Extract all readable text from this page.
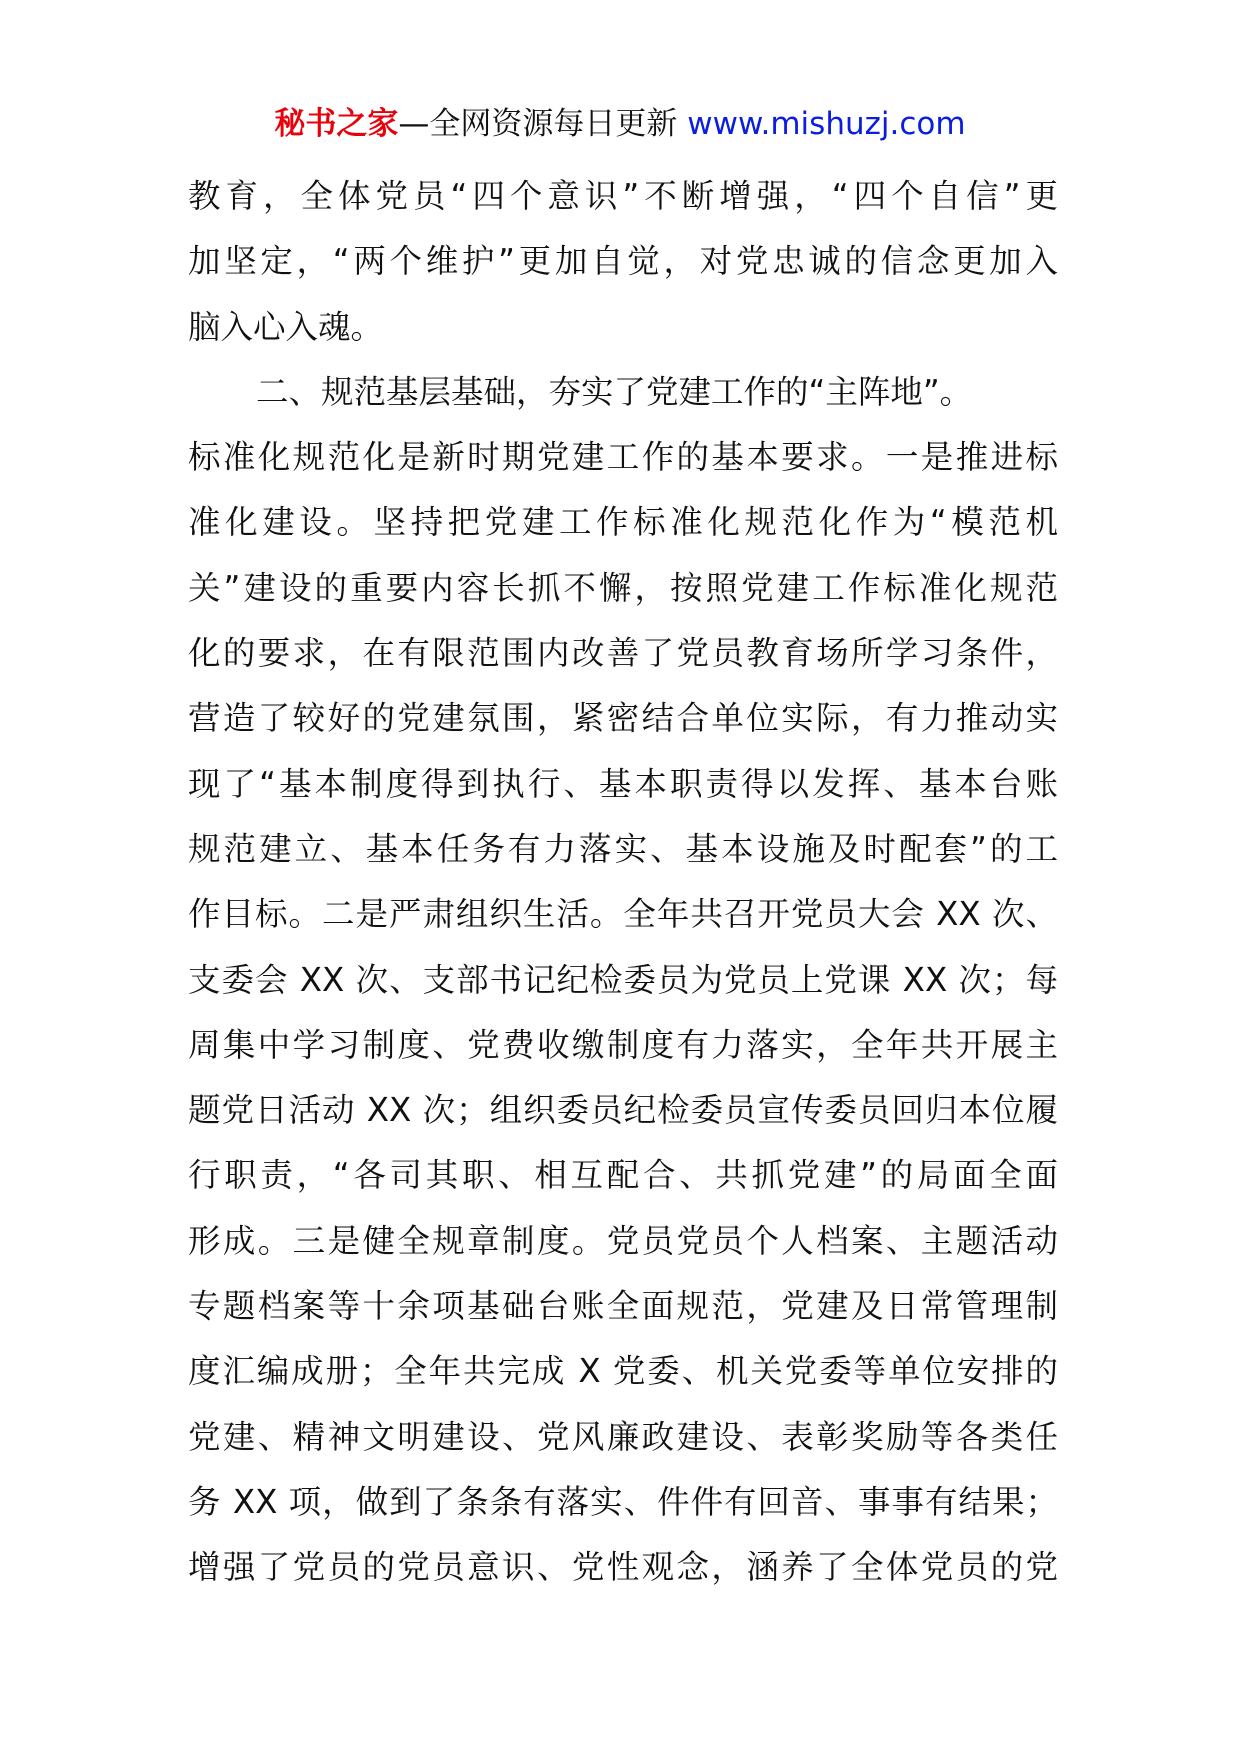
秘书之家—全网资源每日更新 www.mishuzj.com
教育，全体党员“四个意识”不断增强，“四个自信”更
加坚定，“两个维护”更加自觉，对党忠诚的信念更加入
脑入心入魂。
二、规范基层基础，夯实了党建工作的“主阵地”。
标准化规范化是新时期党建工作的基本要求。一是推进标
准化建设。坚持把党建工作标准化规范化作为“模范机
关”建设的重要内容长抓不懈，按照党建工作标准化规范
化的要求，在有限范围内改善了党员教育场所学习条件，
营造了较好的党建氛围，紧密结合单位实际，有力推动实
现了“基本制度得到执行、基本职责得以发挥、基本台账
规范建立、基本任务有力落实、基本设施及时配套”的工
作目标。二是严肃组织生活。全年共召开党员大会 XX 次、
支委会 XX 次、支部书记纪检委员为党员上党课 XX 次；每
周集中学习制度、党费收缴制度有力落实，全年共开展主
题党日活动 XX 次；组织委员纪检委员宣传委员回归本位履
行职责，“各司其职、相互配合、共抓党建”的局面全面
形成。三是健全规章制度。党员党员个人档案、主题活动
专题档案等十余项基础台账全面规范，党建及日常管理制
度汇编成册；全年共完成 X 党委、机关党委等单位安排的
党建、精神文明建设、党风廉政建设、表彰奖励等各类任
务 XX 项，做到了条条有落实、件件有回音、事事有结果；
增强了党员的党员意识、党性观念，涵养了全体党员的党
